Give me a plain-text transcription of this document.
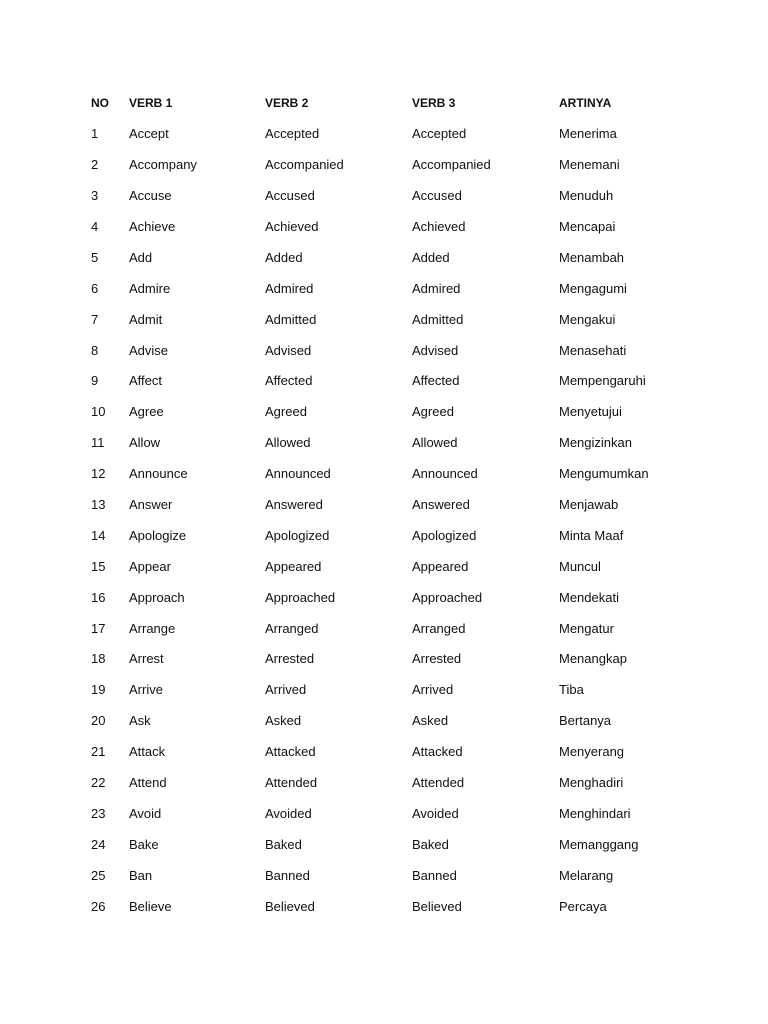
NO	VERB 1	VERB 2	VERB 3	ARTINYA
1	Accept	Accepted	Accepted	Menerima
2	Accompany	Accompanied	Accompanied	Menemani
3	Accuse	Accused	Accused	Menuduh
4	Achieve	Achieved	Achieved	Mencapai
5	Add	Added	Added	Menambah
6	Admire	Admired	Admired	Mengagumi
7	Admit	Admitted	Admitted	Mengakui
8	Advise	Advised	Advised	Menasehati
9	Affect	Affected	Affected	Mempengaruhi
10	Agree	Agreed	Agreed	Menyetujui
11	Allow	Allowed	Allowed	Mengizinkan
12	Announce	Announced	Announced	Mengumumkan
13	Answer	Answered	Answered	Menjawab
14	Apologize	Apologized	Apologized	Minta Maaf
15	Appear	Appeared	Appeared	Muncul
16	Approach	Approached	Approached	Mendekati
17	Arrange	Arranged	Arranged	Mengatur
18	Arrest	Arrested	Arrested	Menangkap
19	Arrive	Arrived	Arrived	Tiba
20	Ask	Asked	Asked	Bertanya
21	Attack	Attacked	Attacked	Menyerang
22	Attend	Attended	Attended	Menghadiri
23	Avoid	Avoided	Avoided	Menghindari
24	Bake	Baked	Baked	Memanggang
25	Ban	Banned	Banned	Melarang
26	Believe	Believed	Believed	Percaya
